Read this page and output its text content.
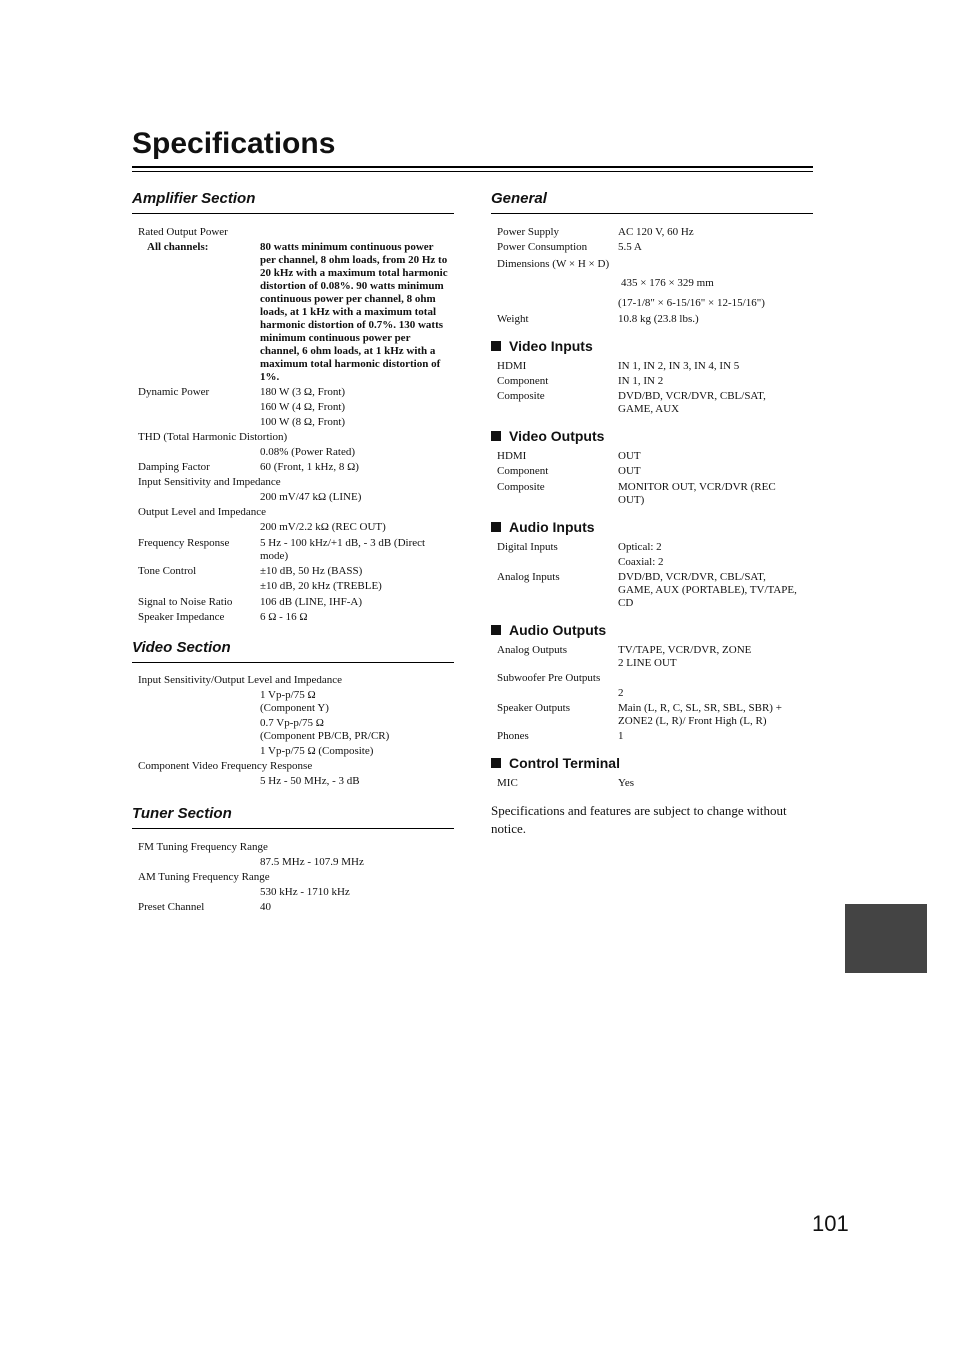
Specifications
Amplifier Section
Rated Output Power
All channels:	80 watts minimum continuous power per channel, 8 ohm loads, from 20 Hz to 20 kHz with a maximum total harmonic distortion of 0.08%. 90 watts minimum continuous power per channel, 8 ohm loads, at 1 kHz with a maximum total harmonic distortion of 0.7%. 130 watts minimum continuous power per channel, 6 ohm loads, at 1 kHz with a maximum total harmonic distortion of 1%.
Dynamic Power	180 W (3 Ω, Front)
160 W (4 Ω, Front)
100 W (8 Ω, Front)
THD (Total Harmonic Distortion)
0.08% (Power Rated)
Damping Factor	60 (Front, 1 kHz, 8 Ω)
Input Sensitivity and Impedance
200 mV/47 kΩ (LINE)
Output Level and Impedance
200 mV/2.2 kΩ (REC OUT)
Frequency Response	5 Hz - 100 kHz/+1 dB, - 3 dB (Direct mode)
Tone Control	±10 dB, 50 Hz (BASS)
±10 dB, 20 kHz (TREBLE)
Signal to Noise Ratio	106 dB (LINE, IHF-A)
Speaker Impedance	6 Ω - 16 Ω
Video Section
Input Sensitivity/Output Level and Impedance
1 Vp-p/75 Ω
(Component Y)
0.7 Vp-p/75 Ω
(Component PB/CB, PR/CR)
1 Vp-p/75 Ω (Composite)
Component Video Frequency Response
5 Hz - 50 MHz, - 3 dB
Tuner Section
FM Tuning Frequency Range
87.5 MHz - 107.9 MHz
AM Tuning Frequency Range
530 kHz - 1710 kHz
Preset Channel	40
General
Power Supply	AC 120 V, 60 Hz
Power Consumption	5.5 A
Dimensions (W × H × D)
435 × 176 × 329 mm
(17-1/8" × 6-15/16" × 12-15/16")
Weight	10.8 kg (23.8 lbs.)
Video Inputs
HDMI	IN 1, IN 2, IN 3, IN 4, IN 5
Component	IN 1, IN 2
Composite	DVD/BD, VCR/DVR, CBL/SAT, GAME, AUX
Video Outputs
HDMI	OUT
Component	OUT
Composite	MONITOR OUT, VCR/DVR (REC OUT)
Audio Inputs
Digital Inputs	Optical: 2
Coaxial: 2
Analog Inputs	DVD/BD, VCR/DVR, CBL/SAT, GAME, AUX (PORTABLE), TV/TAPE, CD
Audio Outputs
Analog Outputs	TV/TAPE, VCR/DVR, ZONE 2 LINE OUT
Subwoofer Pre Outputs
2
Speaker Outputs	Main (L, R, C, SL, SR, SBL, SBR) + ZONE2 (L, R)/ Front High (L, R)
Phones	1
Control Terminal
MIC	Yes
Specifications and features are subject to change without notice.
101
